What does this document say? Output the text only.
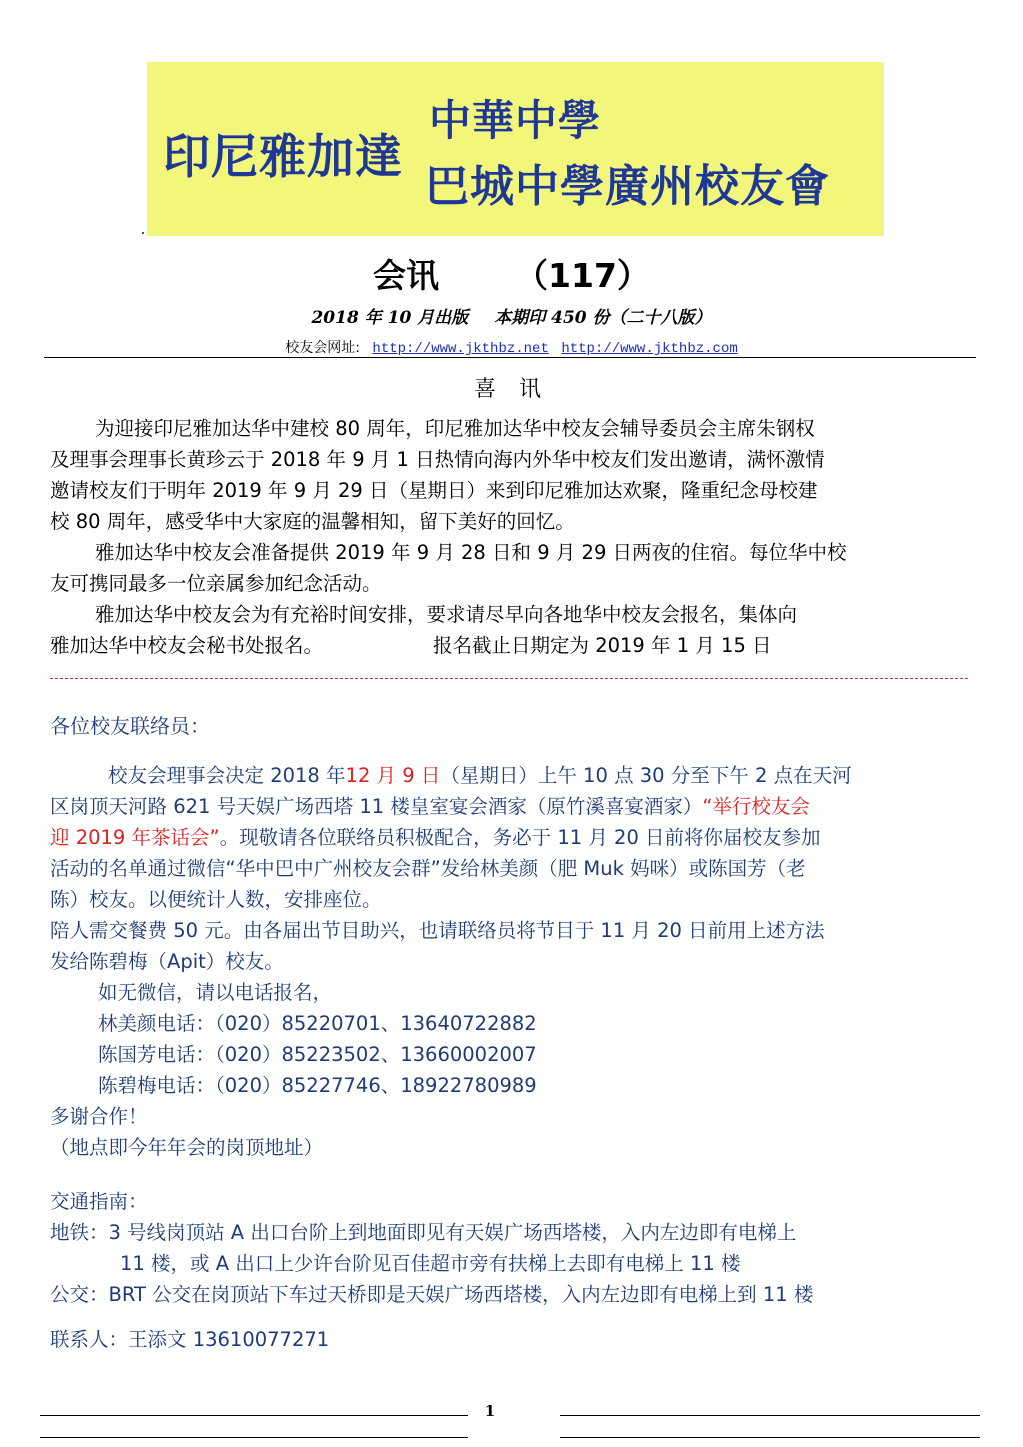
印尼雅加達
中華中學
巴城中學廣州校友會
会讯 （117）
2018 年 10 月出版 本期印 450 份（二十八版）
校友会网址: http://www.jkthbz.net http://www.jkthbz.com
喜 讯
为迎接印尼雅加达华中建校 80 周年，印尼雅加达华中校友会辅导委员会主席朱钢权
及理事会理事长黄珍云于 2018 年 9 月 1 日热情向海内外华中校友们发出邀请，满怀激情
邀请校友们于明年 2019 年 9 月 29 日（星期日）来到印尼雅加达欢聚，隆重纪念母校建
校 80 周年，感受华中大家庭的温馨相知，留下美好的回忆。
雅加达华中校友会准备提供 2019 年 9 月 28 日和 9 月 29 日两夜的住宿。每位华中校
友可携同最多一位亲属参加纪念活动。
雅加达华中校友会为有充裕时间安排，要求请尽早向各地华中校友会报名，集体向
雅加达华中校友会秘书处报名。	报名截止日期定为 2019 年 1 月 15 日
各位校友联络员：
校友会理事会决定 2018 年12 月 9 日（星期日）上午 10 点 30 分至下午 2 点在天河
区岗顶天河路 621 号天娱广场西塔 11 楼皇室宴会酒家（原竹溪喜宴酒家）“举行校友会
迎 2019 年茶话会”。现敬请各位联络员积极配合，务必于 11 月 20 日前将你届校友参加
活动的名单通过微信“华中巴中广州校友会群”发给林美颜（肥 Muk 妈咪）或陈国芳（老
陈）校友。以便统计人数，安排座位。
陪人需交餐费 50 元。由各届出节目助兴，也请联络员将节目于 11 月 20 日前用上述方法
发给陈碧梅（Apit）校友。
如无微信，请以电话报名，
林美颜电话：（020）85220701、13640722882
陈国芳电话：（020）85223502、13660002007
陈碧梅电话：（020）85227746、18922780989
多谢合作！
（地点即今年年会的岗顶地址）
交通指南：
地铁：3 号线岗顶站 A 出口台阶上到地面即见有天娱广场西塔楼，入内左边即有电梯上
11 楼，或 A 出口上少许台阶见百佳超市旁有扶梯上去即有电梯上 11 楼
公交：BRT 公交在岗顶站下车过天桥即是天娱广场西塔楼，入内左边即有电梯上到 11 楼
联系人：王添文 13610077271
1
